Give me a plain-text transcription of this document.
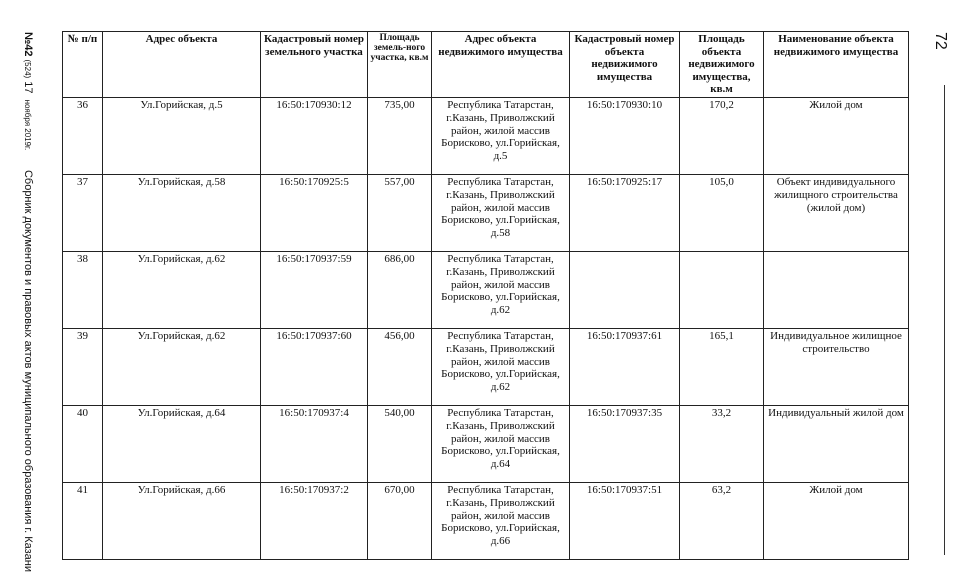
№42(524) 17 ноября 2019г.
Сборник документов и правовых актов муниципального образования г. Казани
72
№ п/п	Адрес объекта	Кадастровый номер земельного участка	Площадь земель-ного участка, кв.м	Адрес объекта недвижимого имущества	Кадастровый номер объекта недвижимого имущества	Площадь объекта недвижимого имущества, кв.м	Наименование объекта недвижимого имущества
36	Ул.Горийская, д.5	16:50:170930:12	735,00	Республика Татарстан, г.Казань, Приволжский район, жилой массив Борисково, ул.Горийская, д.5	16:50:170930:10	170,2	Жилой дом
37	Ул.Горийская, д.58	16:50:170925:5	557,00	Республика Татарстан, г.Казань, Приволжский район, жилой массив Борисково, ул.Горийская, д.58	16:50:170925:17	105,0	Объект индивидуального жилищного строительства (жилой дом)
38	Ул.Горийская, д.62	16:50:170937:59	686,00	Республика Татарстан, г.Казань, Приволжский район, жилой массив Борисково, ул.Горийская, д.62			
39	Ул.Горийская, д.62	16:50:170937:60	456,00	Республика Татарстан, г.Казань, Приволжский район, жилой массив Борисково, ул.Горийская, д.62	16:50:170937:61	165,1	Индивидуальное жилищное строительство
40	Ул.Горийская, д.64	16:50:170937:4	540,00	Республика Татарстан, г.Казань, Приволжский район, жилой массив Борисково, ул.Горийская, д.64	16:50:170937:35	33,2	Индивидуальный жилой дом
41	Ул.Горийская, д.66	16:50:170937:2	670,00	Республика Татарстан, г.Казань, Приволжский район, жилой массив Борисково, ул.Горийская, д.66	16:50:170937:51	63,2	Жилой дом
